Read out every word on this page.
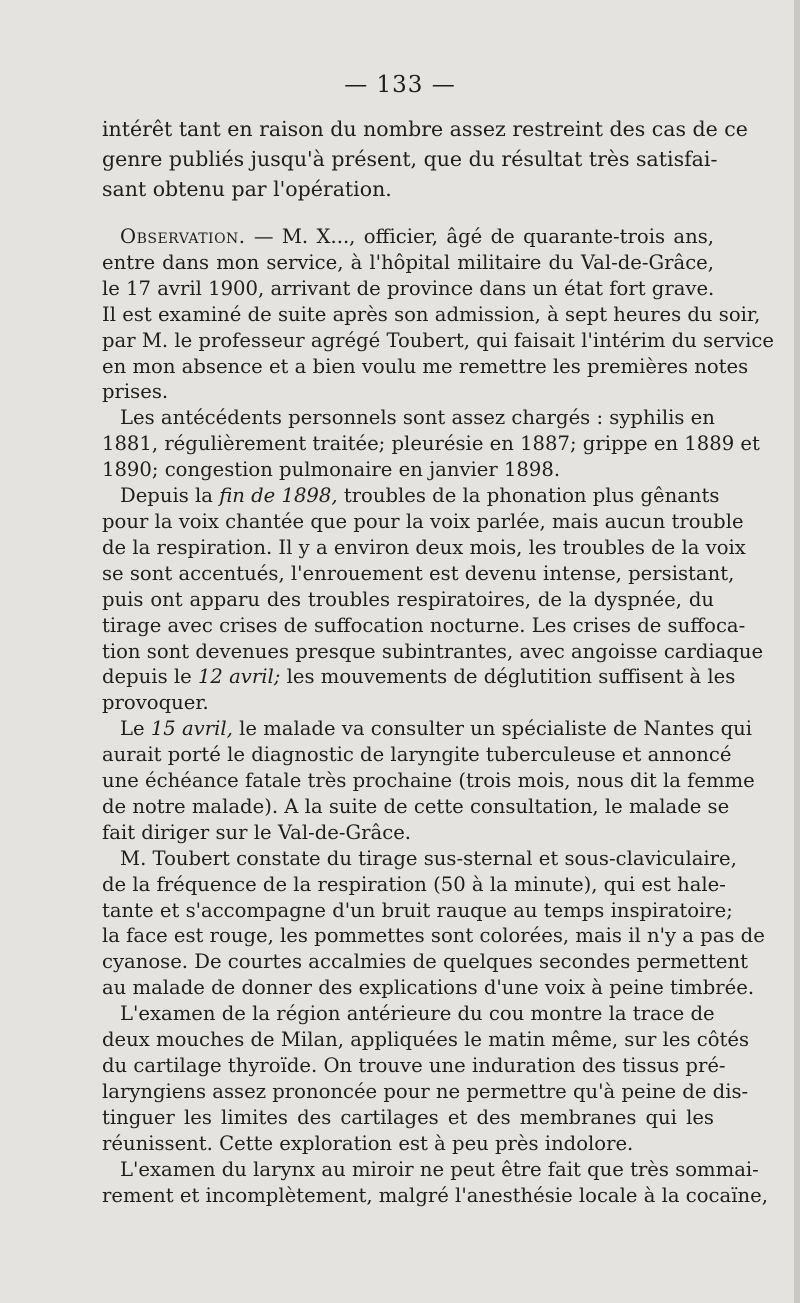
— 133 —
intérêt tant en raison du nombre assez restreint des cas de ce
genre publiés jusqu'à présent, que du résultat très satisfai-
sant obtenu par l'opération.
Observation. — M. X..., officier, âgé de quarante-trois ans,
entre dans mon service, à l'hôpital militaire du Val-de-Grâce,
le 17 avril 1900, arrivant de province dans un état fort grave.
Il est examiné de suite après son admission, à sept heures du soir,
par M. le professeur agrégé Toubert, qui faisait l'intérim du service
en mon absence et a bien voulu me remettre les premières notes
prises.
Les antécédents personnels sont assez chargés : syphilis en
1881, régulièrement traitée; pleurésie en 1887; grippe en 1889 et
1890; congestion pulmonaire en janvier 1898.
Depuis la fin de 1898, troubles de la phonation plus gênants
pour la voix chantée que pour la voix parlée, mais aucun trouble
de la respiration. Il y a environ deux mois, les troubles de la voix
se sont accentués, l'enrouement est devenu intense, persistant,
puis ont apparu des troubles respiratoires, de la dyspnée, du
tirage avec crises de suffocation nocturne. Les crises de suffoca-
tion sont devenues presque subintrantes, avec angoisse cardiaque
depuis le 12 avril; les mouvements de déglutition suffisent à les
provoquer.
Le 15 avril, le malade va consulter un spécialiste de Nantes qui
aurait porté le diagnostic de laryngite tuberculeuse et annoncé
une échéance fatale très prochaine (trois mois, nous dit la femme
de notre malade). A la suite de cette consultation, le malade se
fait diriger sur le Val-de-Grâce.
M. Toubert constate du tirage sus-sternal et sous-claviculaire,
de la fréquence de la respiration (50 à la minute), qui est hale-
tante et s'accompagne d'un bruit rauque au temps inspiratoire;
la face est rouge, les pommettes sont colorées, mais il n'y a pas de
cyanose. De courtes accalmies de quelques secondes permettent
au malade de donner des explications d'une voix à peine timbrée.
L'examen de la région antérieure du cou montre la trace de
deux mouches de Milan, appliquées le matin même, sur les côtés
du cartilage thyroïde. On trouve une induration des tissus pré-
laryngiens assez prononcée pour ne permettre qu'à peine de dis-
tinguer les limites des cartilages et des membranes qui les
réunissent. Cette exploration est à peu près indolore.
L'examen du larynx au miroir ne peut être fait que très sommai-
rement et incomplètement, malgré l'anesthésie locale à la cocaïne,
